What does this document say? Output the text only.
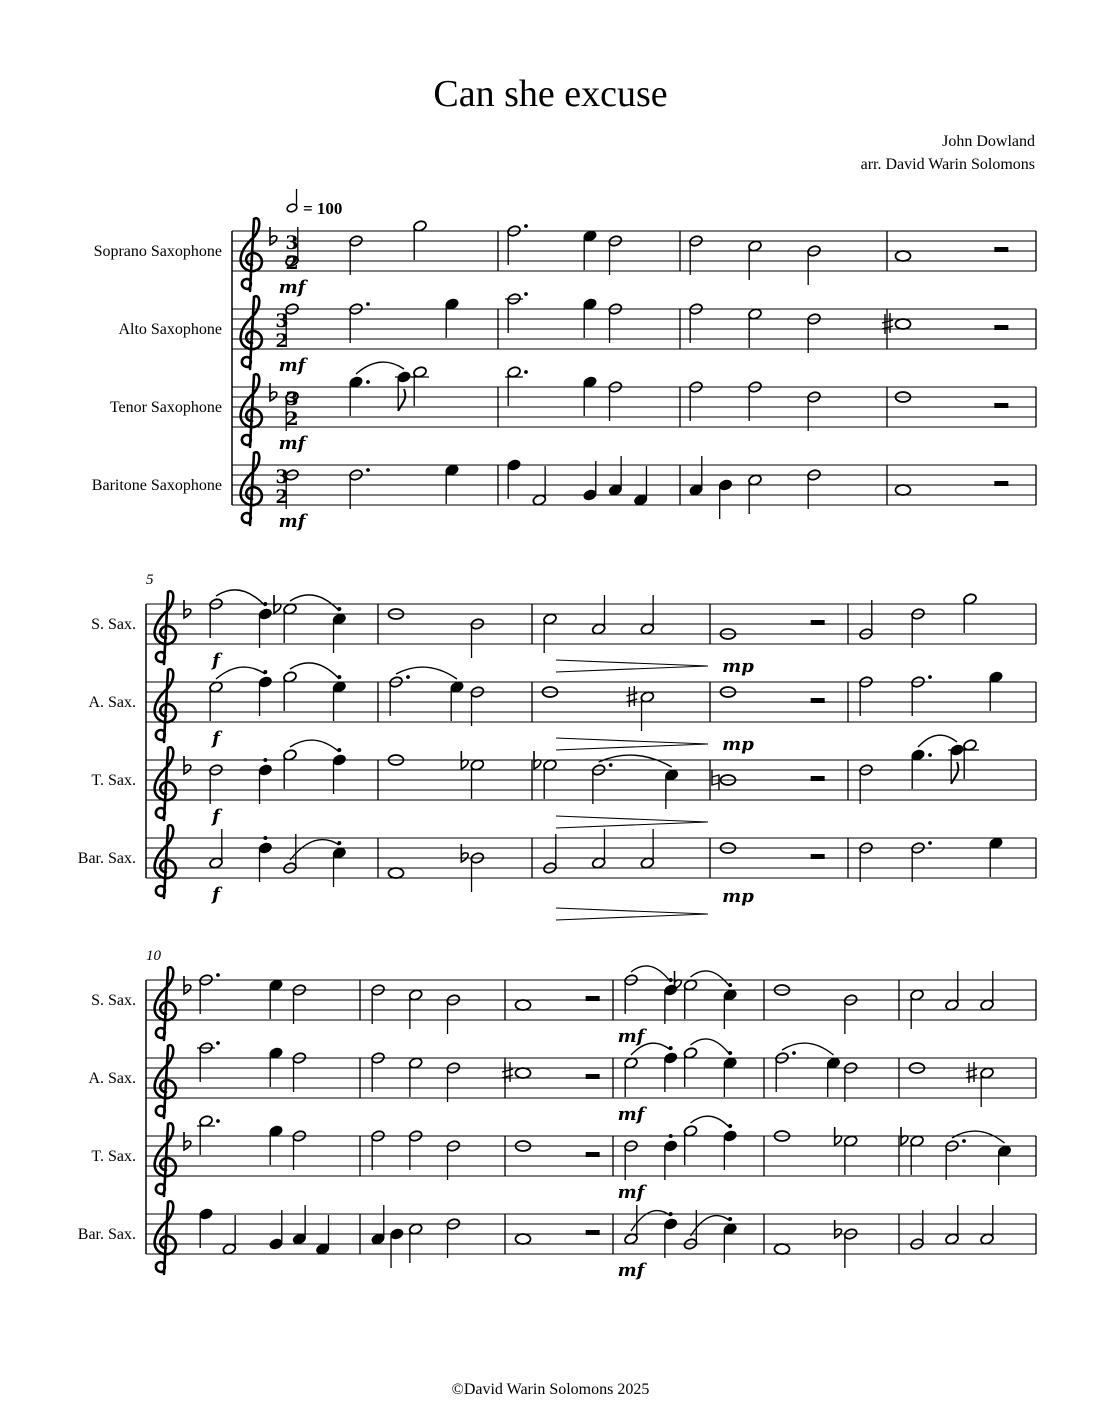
Can she excuse
John Dowland
arr. David Warin Solomons
= 100
Soprano Saxophone	3
2
mf
Alto Saxophone	3
2
mf
Tenor Saxophone	3
2
mf
Baritone Saxophone	3
2
mf
5
S. Sax.
f
A. Sax.
f
mp
T. Sax.
f
mp
Bar. Sax.
f	mp
10
S. Sax.
mf
A. Sax.
mf
T. Sax.
mf
Bar. Sax.
mf
©David Warin Solomons 2025
